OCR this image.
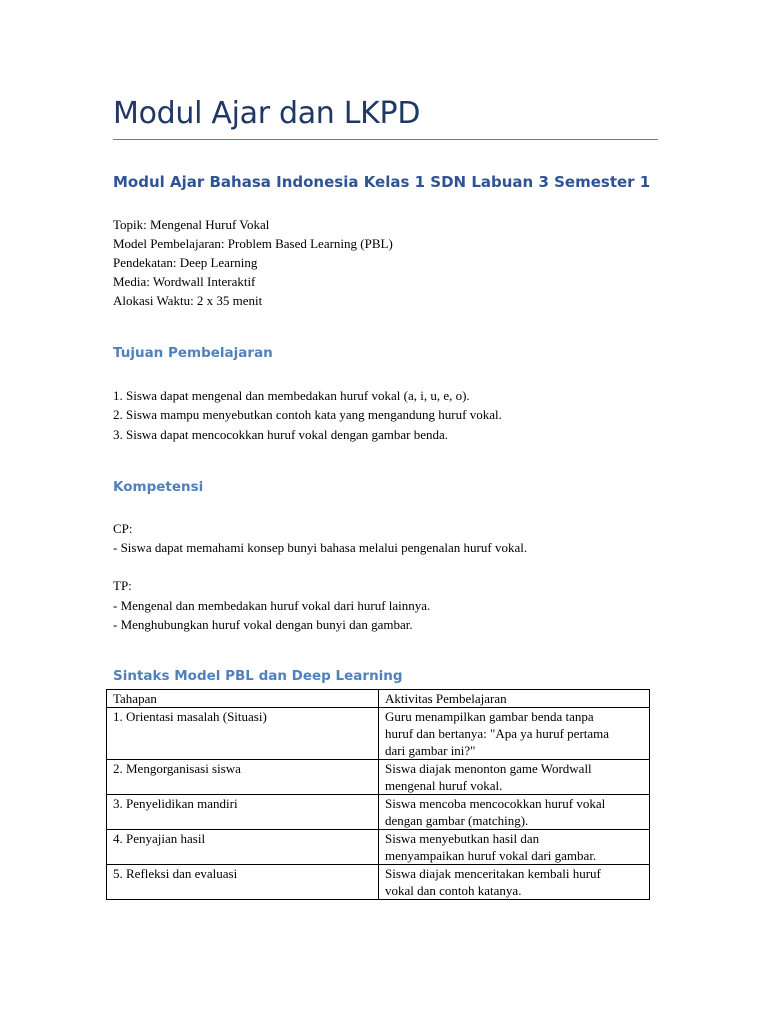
Modul Ajar dan LKPD
Modul Ajar Bahasa Indonesia Kelas 1 SDN Labuan 3 Semester 1
Topik: Mengenal Huruf Vokal
Model Pembelajaran: Problem Based Learning (PBL)
Pendekatan: Deep Learning
Media: Wordwall Interaktif
Alokasi Waktu: 2 x 35 menit
Tujuan Pembelajaran
1. Siswa dapat mengenal dan membedakan huruf vokal (a, i, u, e, o).
2. Siswa mampu menyebutkan contoh kata yang mengandung huruf vokal.
3. Siswa dapat mencocokkan huruf vokal dengan gambar benda.
Kompetensi
CP:
- Siswa dapat memahami konsep bunyi bahasa melalui pengenalan huruf vokal.
TP:
- Mengenal dan membedakan huruf vokal dari huruf lainnya.
- Menghubungkan huruf vokal dengan bunyi dan gambar.
Sintaks Model PBL dan Deep Learning
Tahapan	Aktivitas Pembelajaran
1. Orientasi masalah (Situasi)	Guru menampilkan gambar benda tanpa
huruf dan bertanya: "Apa ya huruf pertama
dari gambar ini?"

2. Mengorganisasi siswa	Siswa diajak menonton game Wordwall
mengenal huruf vokal.

3. Penyelidikan mandiri	Siswa mencoba mencocokkan huruf vokal
dengan gambar (matching).

4. Penyajian hasil	Siswa menyebutkan hasil dan
menyampaikan huruf vokal dari gambar.

5. Refleksi dan evaluasi	Siswa diajak menceritakan kembali huruf
vokal dan contoh katanya.
